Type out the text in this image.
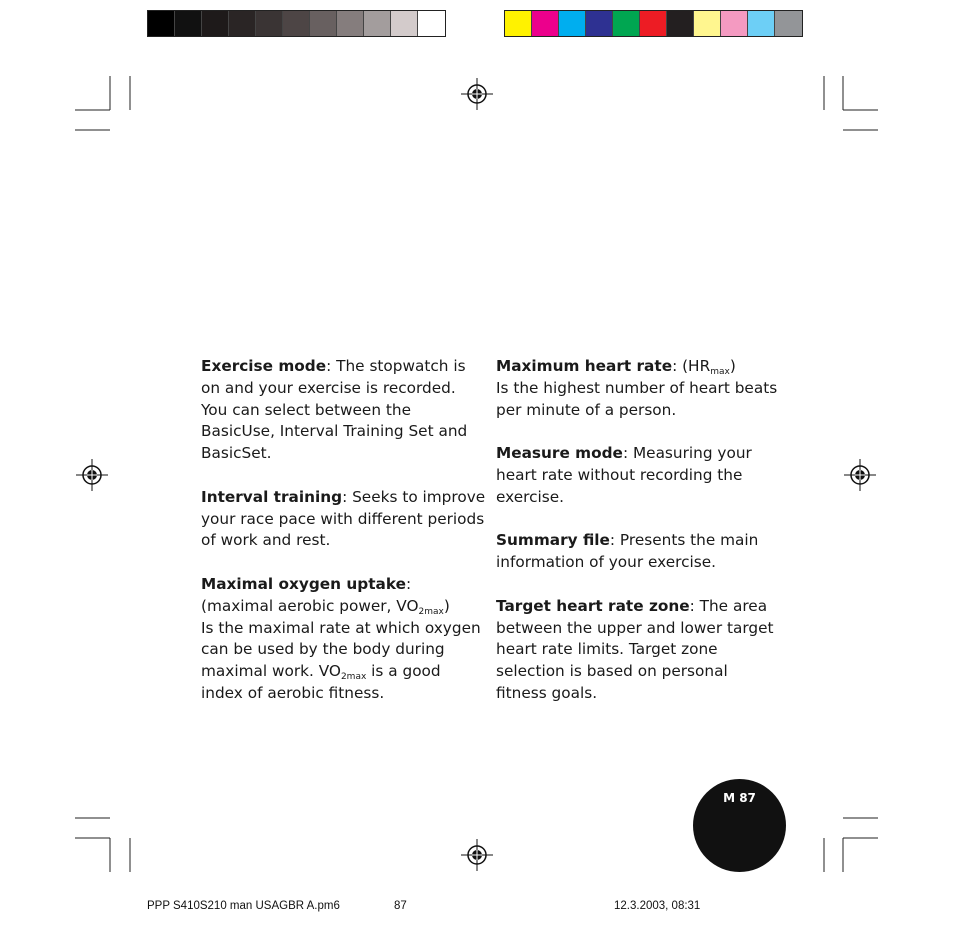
Exercise mode: The stopwatch is on and your exercise is recorded. You can select between the BasicUse, Interval Training Set and BasicSet.

Interval training: Seeks to improve your race pace with different periods of work and rest.

Maximal oxygen uptake:
(maximal aerobic power, $VO_{2max}$)
Is the maximal rate at which oxygen can be used by the body during maximal work. $VO_{2max}$ is a good index of aerobic fitness.

Maximum heart rate: $(HR_{max})$
Is the highest number of heart beats per minute of a person.

Measure mode: Measuring your heart rate without recording the exercise.

Summary file: Presents the main information of your exercise.

Target heart rate zone: The area between the upper and lower target heart rate limits. Target zone selection is based on personal fitness goals.

M 87
PPP S410S210 man USAGBR A.pm6	87	12.3.2003, 08:31
